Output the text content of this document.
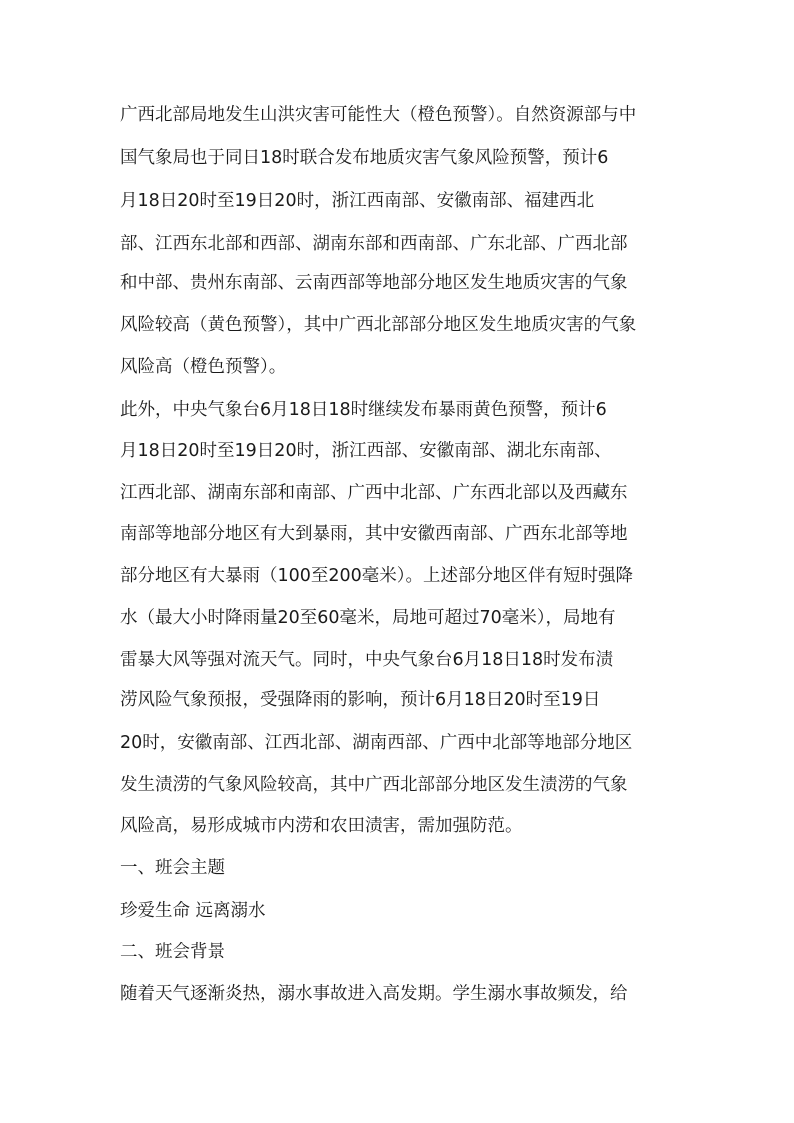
广西北部局地发生山洪灾害可能性大（橙色预警）。自然资源部与中
国气象局也于同日18时联合发布地质灾害气象风险预警，预计6
月18日20时至19日20时，浙江西南部、安徽南部、福建西北
部、江西东北部和西部、湖南东部和西南部、广东北部、广西北部
和中部、贵州东南部、云南西部等地部分地区发生地质灾害的气象
风险较高（黄色预警），其中广西北部部分地区发生地质灾害的气象
风险高（橙色预警）。
此外，中央气象台6月18日18时继续发布暴雨黄色预警，预计6
月18日20时至19日20时，浙江西部、安徽南部、湖北东南部、
江西北部、湖南东部和南部、广西中北部、广东西北部以及西藏东
南部等地部分地区有大到暴雨，其中安徽西南部、广西东北部等地
部分地区有大暴雨（100至200毫米）。上述部分地区伴有短时强降
水（最大小时降雨量20至60毫米，局地可超过70毫米），局地有
雷暴大风等强对流天气。同时，中央气象台6月18日18时发布渍
涝风险气象预报，受强降雨的影响，预计6月18日20时至19日
20时，安徽南部、江西北部、湖南西部、广西中北部等地部分地区
发生渍涝的气象风险较高，其中广西北部部分地区发生渍涝的气象
风险高，易形成城市内涝和农田渍害，需加强防范。
一、班会主题
珍爱生命 远离溺水
二、班会背景
随着天气逐渐炎热，溺水事故进入高发期。学生溺水事故频发，给
